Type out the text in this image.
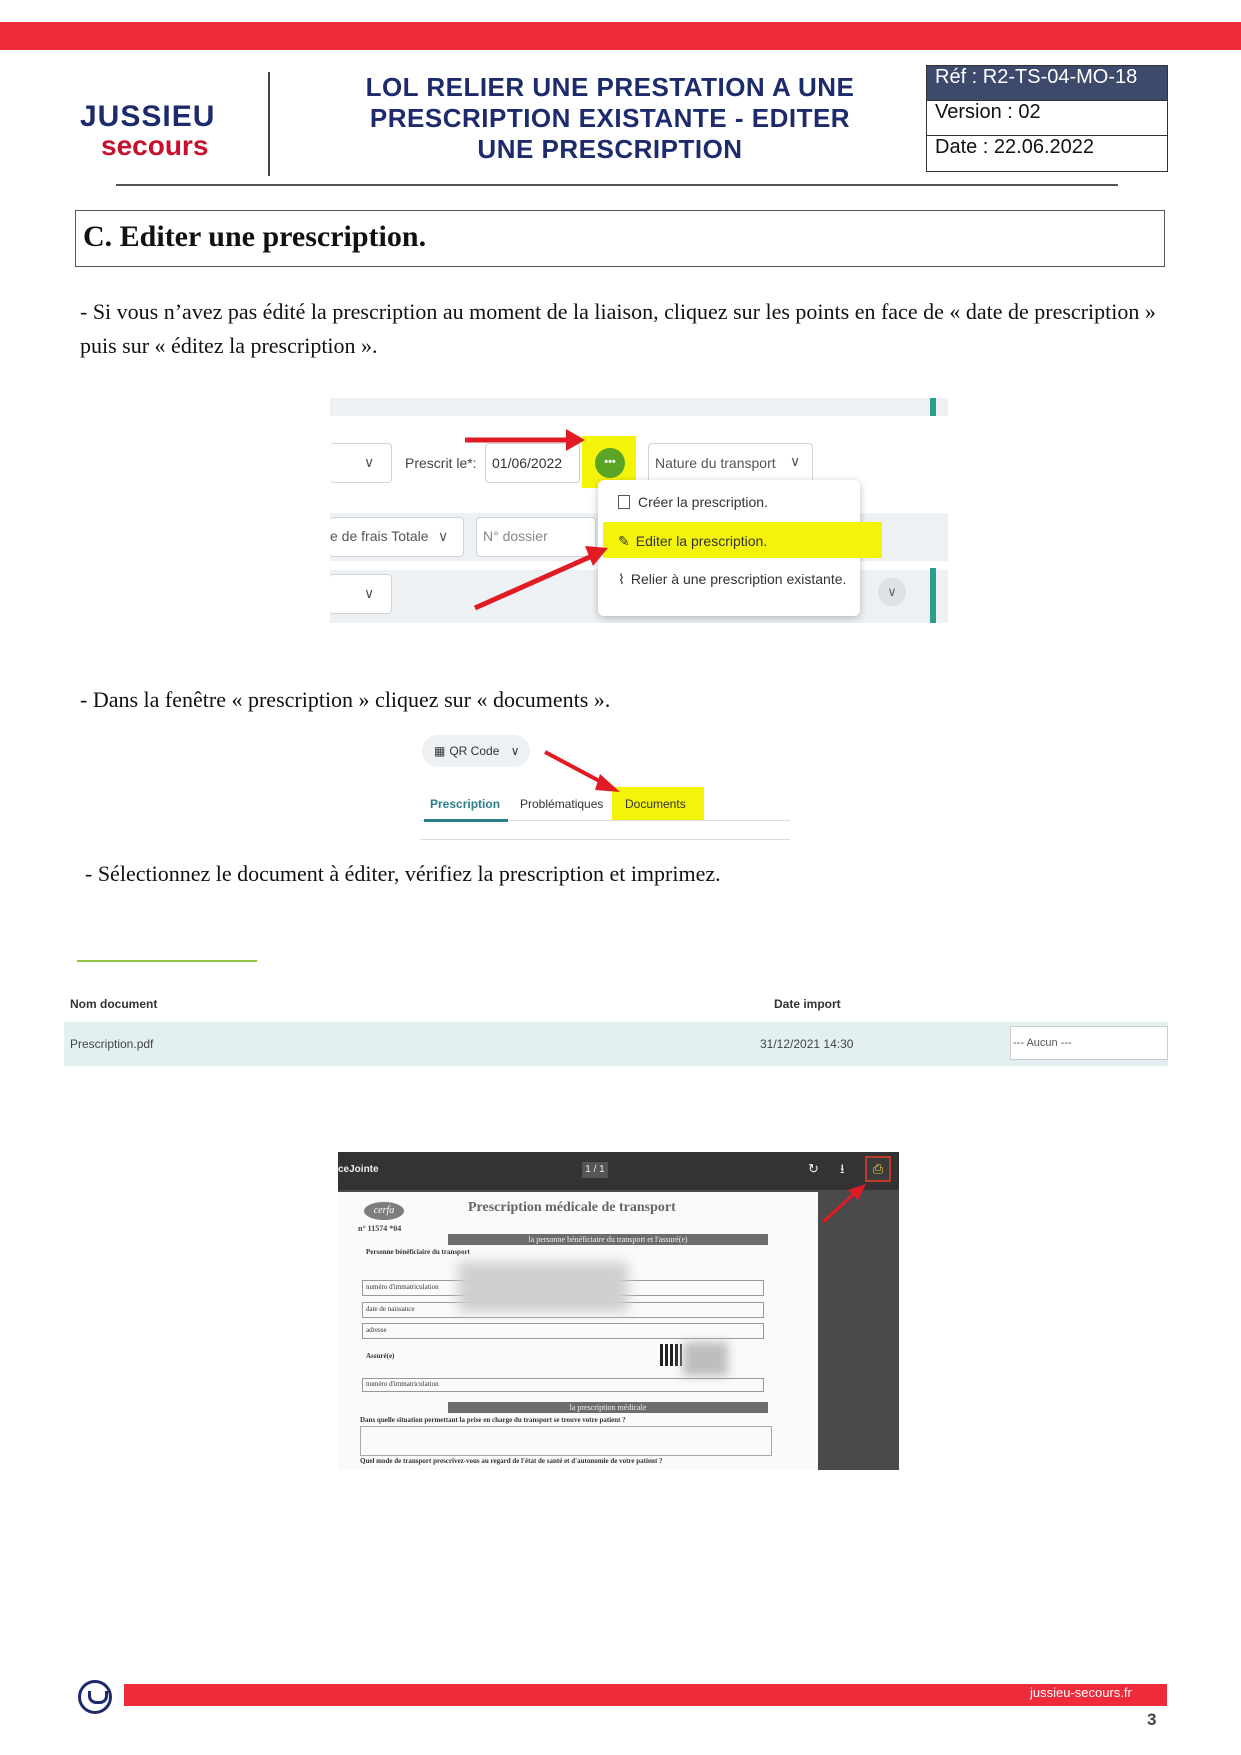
JUSSIEU
secours
LOL RELIER UNE PRESTATION A UNE
PRESCRIPTION EXISTANTE - EDITER
UNE PRESCRIPTION
Réf : R2-TS-04-MO-18
Version : 02
Date : 22.06.2022
C. Editer une prescription.
- Si vous n’avez pas édité la prescription au moment de la liaison, cliquez sur les points en face de « date de prescription » puis sur « éditez la prescription ».
∨ Prescrit le*:	01/06/2022	•••	Nature du transport	∨
e de frais Totale ∨	N° dossier
∨	∨
Créer la prescription.
✎ Editer la prescription.
⌇ Relier à une prescription existante.
- Dans la fenêtre « prescription » cliquez sur « documents ».
▦ QR Code ∨
Prescription Problématiques Documents
- Sélectionnez le document à éditer, vérifiez la prescription et imprimez.
Nom document	Date import
Prescription.pdf	31/12/2021 14:30	--- Aucun ---
ceJointe	1 / 1	↻ ⭳	⎙
cerfa
n° 11574 *04
Prescription médicale de transport
la personne bénéficiaire du transport et l'assuré(e)
Personne bénéficiaire du transport
numéro d'immatriculation
date de naissance
adresse
Assuré(e)
numéro d'immatriculation
la prescription médicale
Dans quelle situation permettant la prise en charge du transport se trouve votre patient ?
Quel mode de transport prescrivez-vous au regard de l'état de santé et d'autonomie de votre patient ?
jussieu-secours.fr
3
